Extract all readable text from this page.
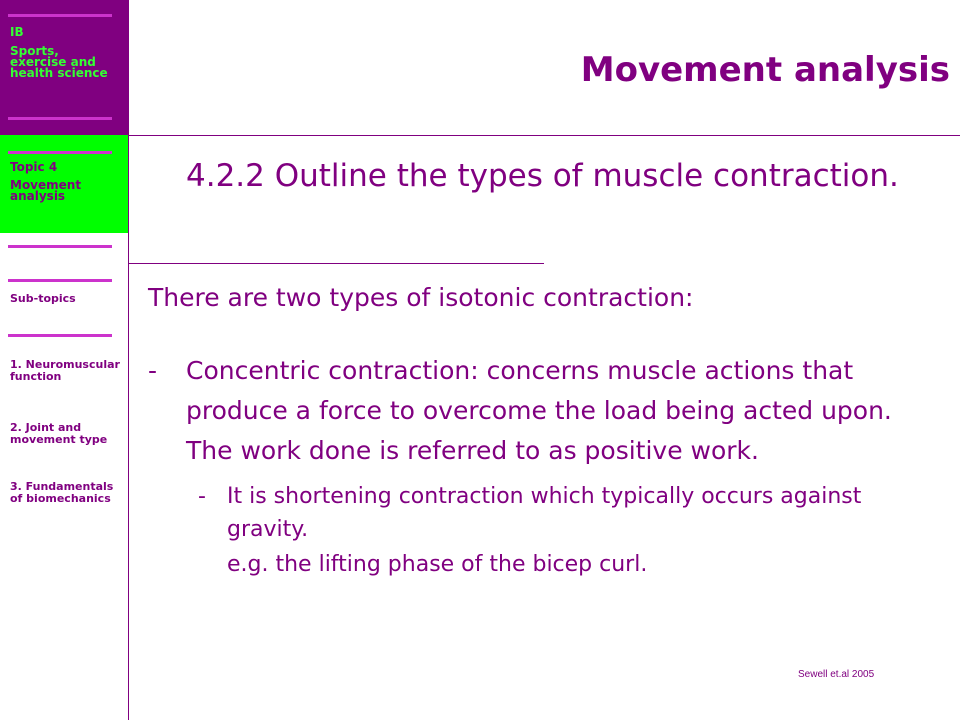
IB
Sports,
exercise and
health science
Topic 4
Movement analysis
Sub-topics
1. Neuromuscular function
2. Joint and movement type
3. Fundamentals of biomechanics
Movement analysis
4.2.2 Outline the types of muscle contraction.

There are two types of isotonic contraction:

- Concentric contraction: concerns muscle actions that produce a force to overcome the load being acted upon. The work done is referred to as positive work.
- It is shortening contraction which typically occurs against gravity.
e.g. the lifting phase of the bicep curl.
Sewell et.al 2005
